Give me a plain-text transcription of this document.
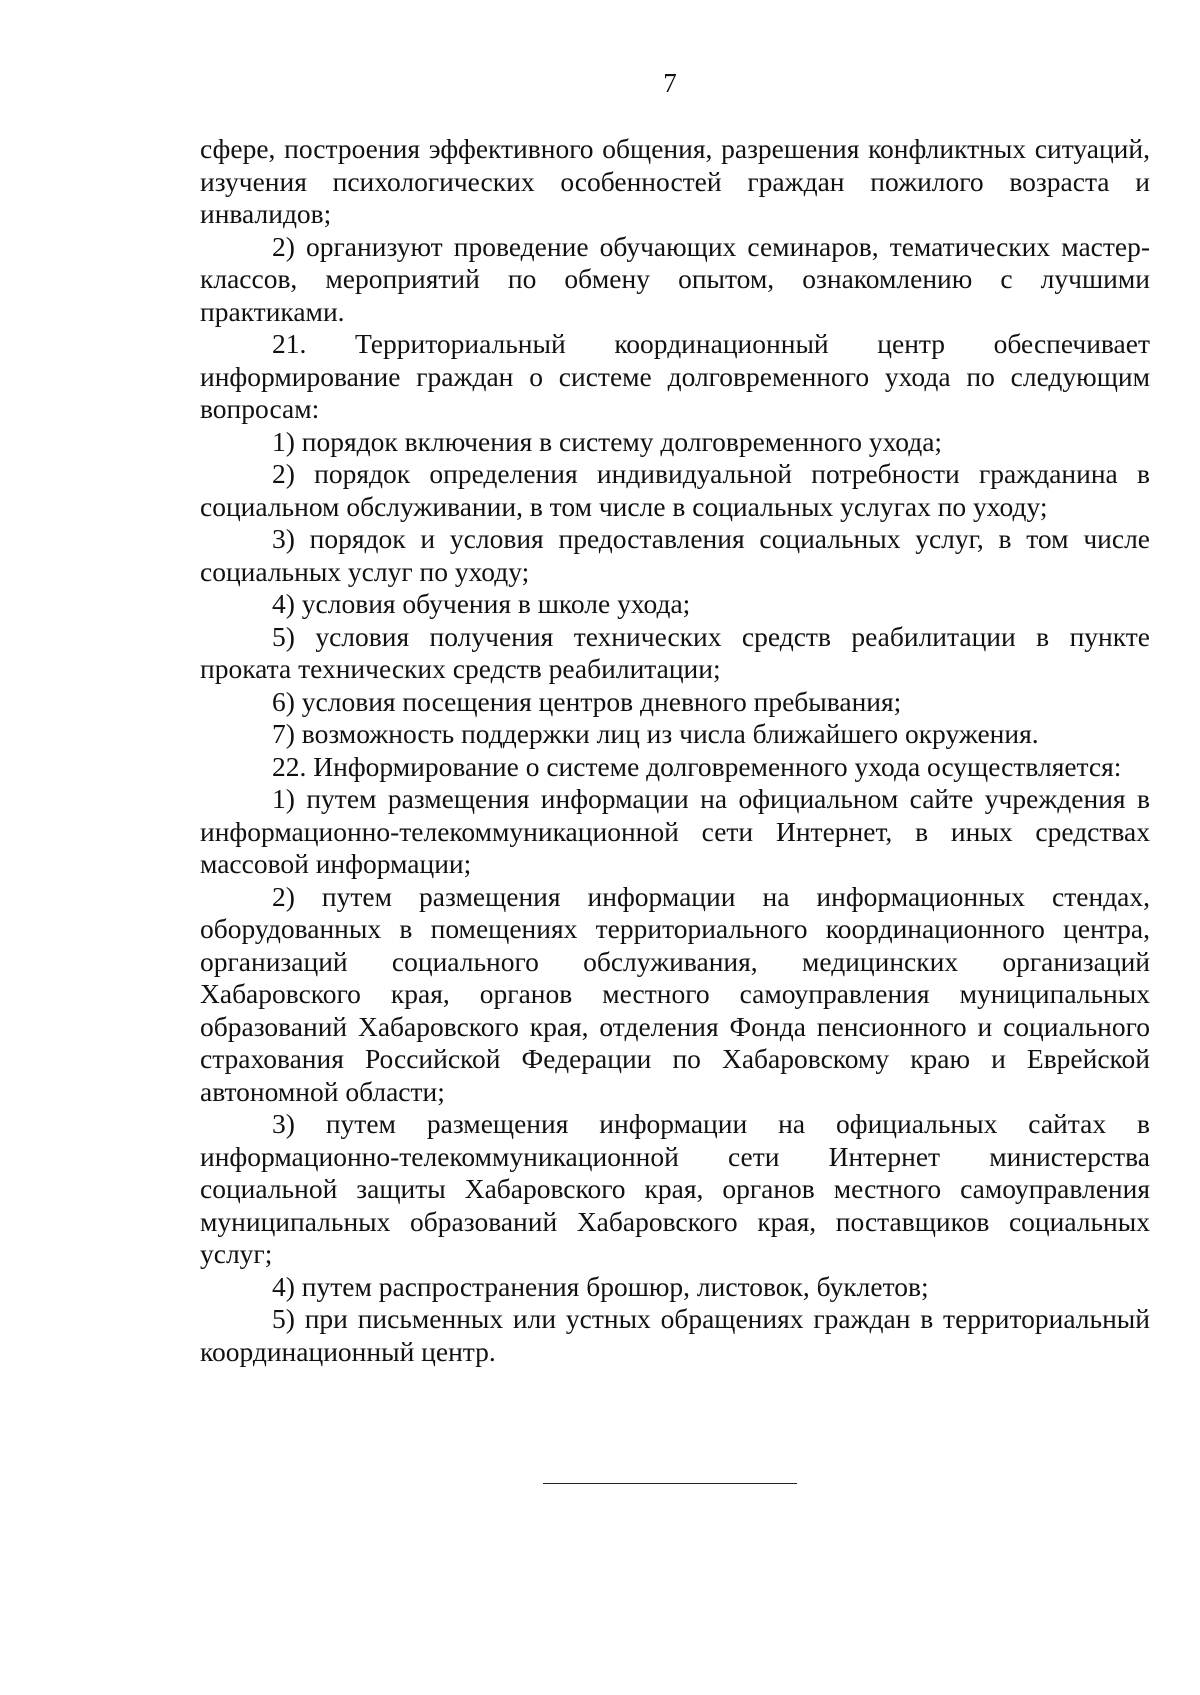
7

сфере, построения эффективного общения, разрешения конфликтных ситуаций, изучения психологических особенностей граждан пожилого возраста и инвалидов;

2) организуют проведение обучающих семинаров, тематических мастер-классов, мероприятий по обмену опытом, ознакомлению с лучшими практиками.

21. Территориальный координационный центр обеспечивает информирование граждан о системе долговременного ухода по следующим вопросам:

1) порядок включения в систему долговременного ухода;

2) порядок определения индивидуальной потребности гражданина в социальном обслуживании, в том числе в социальных услугах по уходу;

3) порядок и условия предоставления социальных услуг, в том числе социальных услуг по уходу;

4) условия обучения в школе ухода;

5) условия получения технических средств реабилитации в пункте проката технических средств реабилитации;

6) условия посещения центров дневного пребывания;

7) возможность поддержки лиц из числа ближайшего окружения.

22. Информирование о системе долговременного ухода осуществляется:

1) путем размещения информации на официальном сайте учреждения в информационно-телекоммуникационной сети Интернет, в иных средствах массовой информации;

2) путем размещения информации на информационных стендах, оборудованных в помещениях территориального координационного центра, организаций социального обслуживания, медицинских организаций Хабаровского края, органов местного самоуправления муниципальных образований Хабаровского края, отделения Фонда пенсионного и социального страхования Российской Федерации по Хабаровскому краю и Еврейской автономной области;

3) путем размещения информации на официальных сайтах в информационно-телекоммуникационной сети Интернет министерства социальной защиты Хабаровского края, органов местного самоуправления муниципальных образований Хабаровского края, поставщиков социальных услуг;

4) путем распространения брошюр, листовок, буклетов;

5) при письменных или устных обращениях граждан в территориальный координационный центр.
